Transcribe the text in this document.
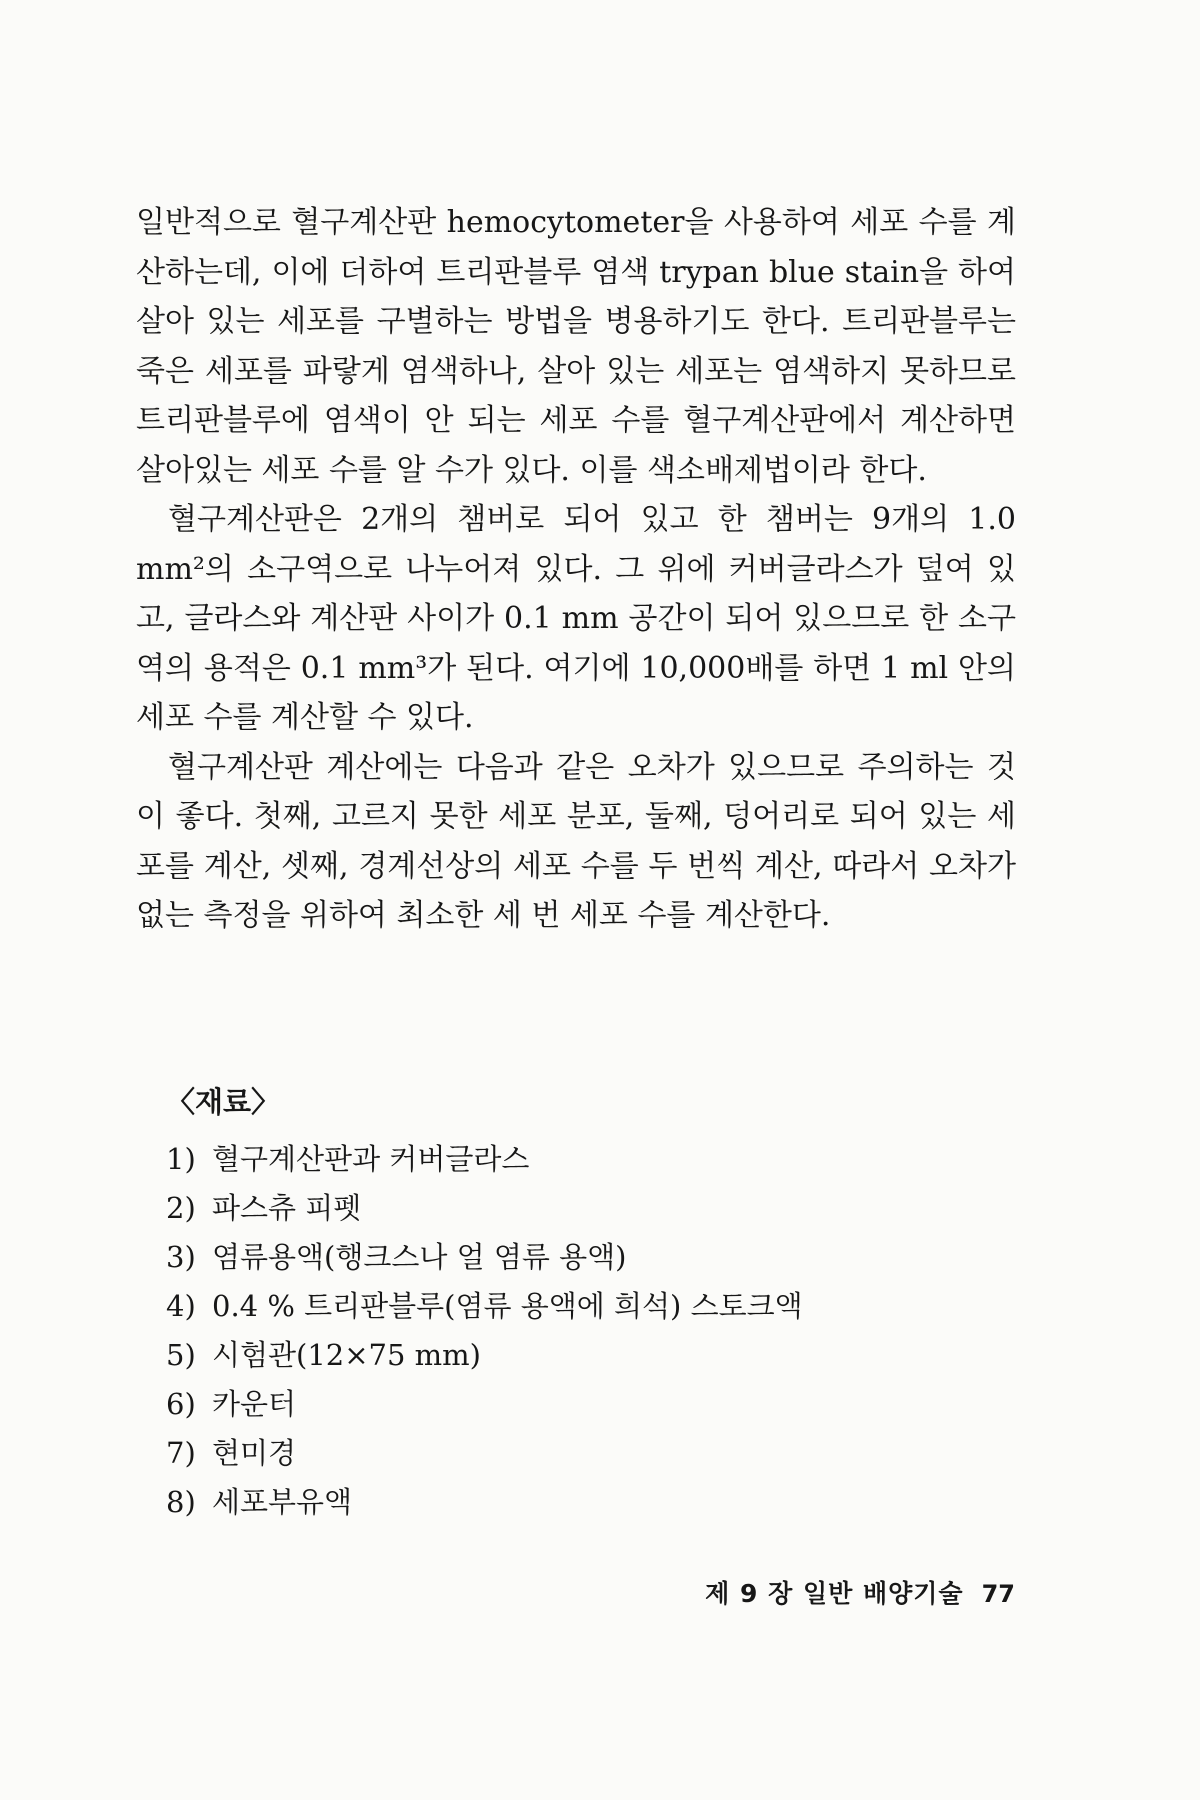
일반적으로 혈구계산판 hemocytometer을 사용하여 세포 수를 계산하는데, 이에 더하여 트리판블루 염색 trypan blue stain을 하여 살아 있는 세포를 구별하는 방법을 병용하기도 한다. 트리판블루는 죽은 세포를 파랗게 염색하나, 살아 있는 세포는 염색하지 못하므로 트리판블루에 염색이 안 되는 세포 수를 혈구계산판에서 계산하면 살아있는 세포 수를 알 수가 있다. 이를 색소배제법이라 한다.

혈구계산판은 2개의 챔버로 되어 있고 한 챔버는 9개의 1.0 mm²의 소구역으로 나누어져 있다. 그 위에 커버글라스가 덮여 있고, 글라스와 계산판 사이가 0.1 mm 공간이 되어 있으므로 한 소구역의 용적은 0.1 mm³가 된다. 여기에 10,000배를 하면 1 ml 안의 세포 수를 계산할 수 있다.

혈구계산판 계산에는 다음과 같은 오차가 있으므로 주의하는 것이 좋다. 첫째, 고르지 못한 세포 분포, 둘째, 덩어리로 되어 있는 세포를 계산, 셋째, 경계선상의 세포 수를 두 번씩 계산, 따라서 오차가 없는 측정을 위하여 최소한 세 번 세포 수를 계산한다.

〈재료〉
1) 혈구계산판과 커버글라스
2) 파스츄 피펫
3) 염류용액(행크스나 얼 염류 용액)
4) 0.4 % 트리판블루(염류 용액에 희석) 스토크액
5) 시험관(12×75 mm)
6) 카운터
7) 현미경
8) 세포부유액
제 9 장 일반 배양기술 77
